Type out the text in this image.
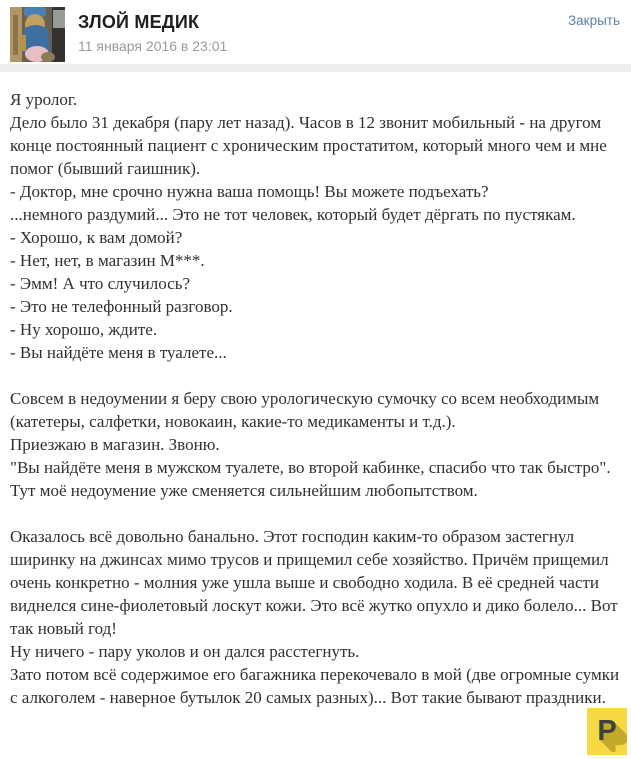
ЗЛОЙ МЕДИК
11 января 2016 в 23:01
Закрыть

Я уролог.
Дело было 31 декабря (пару лет назад). Часов в 12 звонит мобильный - на другом конце постоянный пациент с хроническим простатитом, который много чем и мне помог (бывший гаишник).
- Доктор, мне срочно нужна ваша помощь! Вы можете подъехать?
...немного раздумий... Это не тот человек, который будет дёргать по пустякам.
- Хорошо, к вам домой?
- Нет, нет, в магазин М***.
- Эмм! А что случилось?
- Это не телефонный разговор.
- Ну хорошо, ждите.
- Вы найдёте меня в туалете...

Совсем в недоумении я беру свою урологическую сумочку со всем необходимым (катетеры, салфетки, новокаин, какие-то медикаменты и т.д.).
Приезжаю в магазин. Звоню.
"Вы найдёте меня в мужском туалете, во второй кабинке, спасибо что так быстро".
Тут моё недоумение уже сменяется сильнейшим любопытством.

Оказалось всё довольно банально. Этот господин каким-то образом застегнул ширинку на джинсах мимо трусов и прищемил себе хозяйство. Причём прищемил очень конкретно - молния уже ушла выше и свободно ходила. В её средней части виднелся сине-фиолетовый лоскут кожи. Это всё жутко опухло и дико болело... Вот так новый год!
Ну ничего - пару уколов и он дался расстегнуть.
Зато потом всё содержимое его багажника перекочевало в мой (две огромные сумки с алкоголем - наверное бутылок 20 самых разных)... Вот такие бывают праздники.

P
